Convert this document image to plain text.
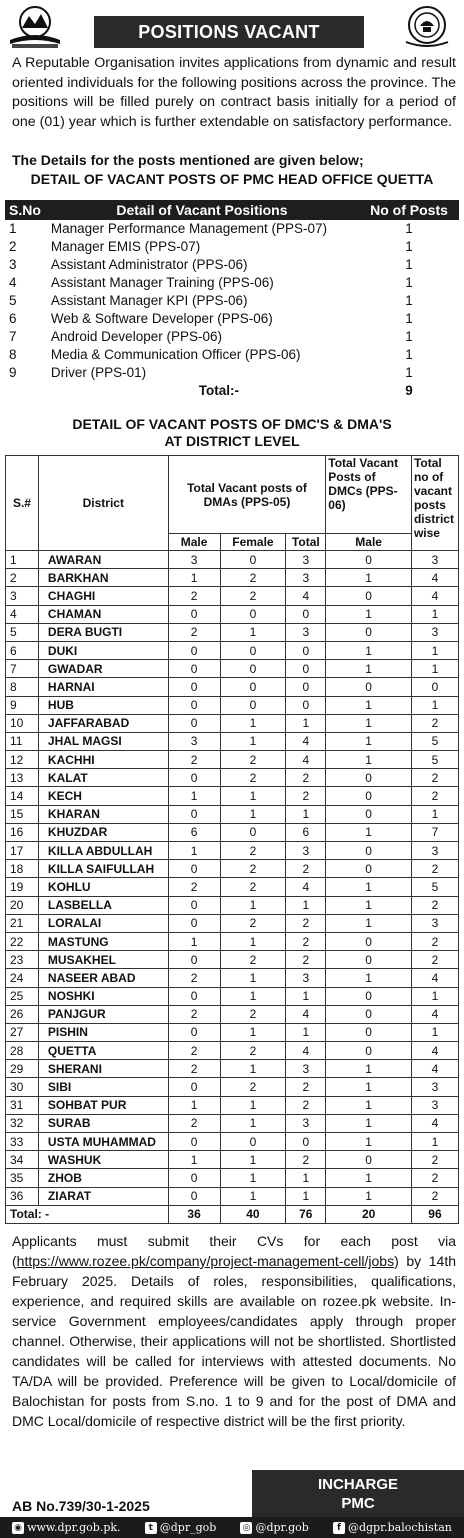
POSITIONS VACANT

A Reputable Organisation invites applications from dynamic and result oriented individuals for the following positions across the province. The positions will be filled purely on contract basis initially for a period of one (01) year which is further extendable on satisfactory performance.

The Details for the posts mentioned are given below;

DETAIL OF VACANT POSTS OF PMC HEAD OFFICE QUETTA

S.No	Detail of Vacant Positions	No of Posts
1	Manager Performance Management (PPS-07)	1
2	Manager EMIS (PPS-07)	1
3	Assistant Administrator (PPS-06)	1
4	Assistant Manager Training (PPS-06)	1
5	Assistant Manager KPI (PPS-06)	1
6	Web & Software Developer (PPS-06)	1
7	Android Developer (PPS-06)	1
8	Media & Communication Officer (PPS-06)	1
9	Driver (PPS-01)	1
	Total:-	9

DETAIL OF VACANT POSTS OF DMC'S & DMA'S
AT DISTRICT LEVEL

S.#	District	Total Vacant posts of DMAs (PPS-05)			Total Vacant Posts of DMCs (PPS-06)	Total no of vacant posts district wise
		Male	Female	Total	Male	
1	AWARAN	3	0	3	0	3
2	BARKHAN	1	2	3	1	4
3	CHAGHI	2	2	4	0	4
4	CHAMAN	0	0	0	1	1
5	DERA BUGTI	2	1	3	0	3
6	DUKI	0	0	0	1	1
7	GWADAR	0	0	0	1	1
8	HARNAI	0	0	0	0	0
9	HUB	0	0	0	1	1
10	JAFFARABAD	0	1	1	1	2
11	JHAL MAGSI	3	1	4	1	5
12	KACHHI	2	2	4	1	5
13	KALAT	0	2	2	0	2
14	KECH	1	1	2	0	2
15	KHARAN	0	1	1	0	1
16	KHUZDAR	6	0	6	1	7
17	KILLA ABDULLAH	1	2	3	0	3
18	KILLA SAIFULLAH	0	2	2	0	2
19	KOHLU	2	2	4	1	5
20	LASBELLA	0	1	1	1	2
21	LORALAI	0	2	2	1	3
22	MASTUNG	1	1	2	0	2
23	MUSAKHEL	0	2	2	0	2
24	NASEER ABAD	2	1	3	1	4
25	NOSHKI	0	1	1	0	1
26	PANJGUR	2	2	4	0	4
27	PISHIN	0	1	1	0	1
28	QUETTA	2	2	4	0	4
29	SHERANI	2	1	3	1	4
30	SIBI	0	2	2	1	3
31	SOHBAT PUR	1	1	2	1	3
32	SURAB	2	1	3	1	4
33	USTA MUHAMMAD	0	0	0	1	1
34	WASHUK	1	1	2	0	2
35	ZHOB	0	1	1	1	2
36	ZIARAT	0	1	1	1	2
Total: -		36	40	76	20	96

Applicants must submit their CVs for each post via (https://www.rozee.pk/company/project-management-cell/jobs) by 14th February 2025. Details of roles, responsibilities, qualifications, experience, and required skills are available on rozee.pk website. In-service Government employees/candidates apply through proper channel. Otherwise, their applications will not be shortlisted. Shortlisted candidates will be called for interviews with attested documents. No TA/DA will be provided. Preference will be given to Local/domicile of Balochistan for posts from S.no. 1 to 9 and for the post of DMA and DMC Local/domicile of respective district will be the first priority.

INCHARGE
PMC
AB No.739/30-1-2025
◉ www.dpr.gob.pk.	t @dpr_gob	◎ @dpr.gob	f @dgpr.balochistan
